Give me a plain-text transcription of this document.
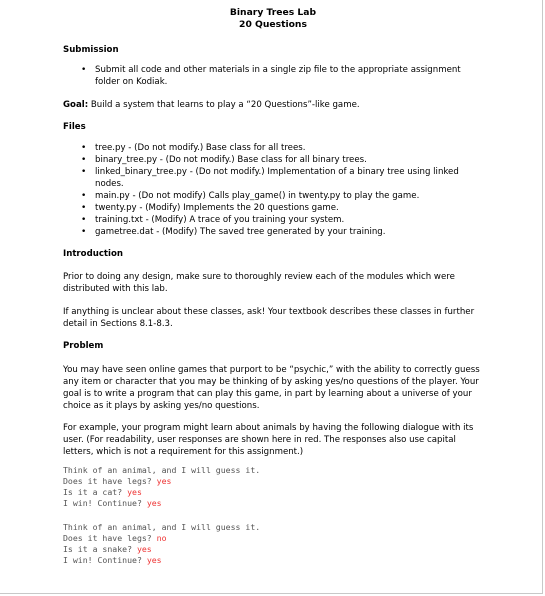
Binary Trees Lab
20 Questions
Submission
• Submit all code and other materials in a single zip file to the appropriate assignment folder on Kodiak.

Goal: Build a system that learns to play a “20 Questions”-like game.

Files
• tree.py - (Do not modify.) Base class for all trees.
• binary_tree.py - (Do not modify.) Base class for all binary trees.
• linked_binary_tree.py - (Do not modify.) Implementation of a binary tree using linked nodes.
• main.py - (Do not modify) Calls play_game() in twenty.py to play the game.
• twenty.py - (Modify) Implements the 20 questions game.
• training.txt - (Modify) A trace of you training your system.
• gametree.dat - (Modify) The saved tree generated by your training.
Introduction

Prior to doing any design, make sure to thoroughly review each of the modules which were distributed with this lab.

If anything is unclear about these classes, ask! Your textbook describes these classes in further detail in Sections 8.1-8.3.

Problem

You may have seen online games that purport to be “psychic,” with the ability to correctly guess any item or character that you may be thinking of by asking yes/no questions of the player. Your goal is to write a program that can play this game, in part by learning about a universe of your choice as it plays by asking yes/no questions.

For example, your program might learn about animals by having the following dialogue with its user. (For readability, user responses are shown here in red. The responses also use capital letters, which is not a requirement for this assignment.)

Think of an animal, and I will guess it.
Does it have legs? yes
Is it a cat? yes
I win! Continue? yes
Think of an animal, and I will guess it.
Does it have legs? no
Is it a snake? yes
I win! Continue? yes
